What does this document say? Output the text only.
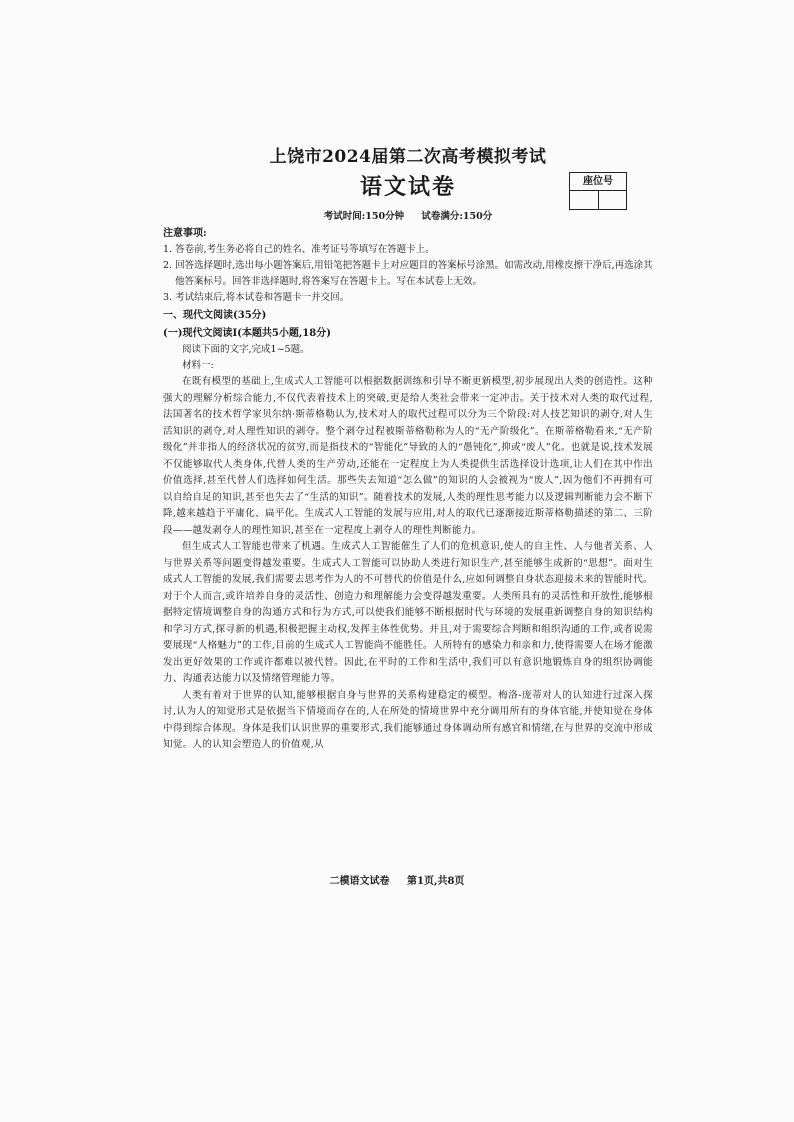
座位号
上饶市2024届第二次高考模拟考试
语文试卷
考试时间:150分钟 试卷满分:150分
注意事项:

1. 答卷前,考生务必将自己的姓名、准考证号等填写在答题卡上。

2. 回答选择题时,选出每小题答案后,用铅笔把答题卡上对应题目的答案标号涂黑。如需改动,用橡皮擦干净后,再选涂其他答案标号。回答非选择题时,将答案写在答题卡上。写在本试卷上无效。

3. 考试结束后,将本试卷和答题卡一并交回。

一、现代文阅读(35分)
(一)现代文阅读Ⅰ(本题共5小题,18分)

阅读下面的文字,完成1~5题。

材料一:

在既有模型的基础上,生成式人工智能可以根据数据训练和引导不断更新模型,初步展现出人类的创造性。这种强大的理解分析综合能力,不仅代表着技术上的突破,更是给人类社会带来一定冲击。关于技术对人类的取代过程,法国著名的技术哲学家贝尔纳·斯蒂格勒认为,技术对人的取代过程可以分为三个阶段:对人技艺知识的剥夺,对人生活知识的剥夺,对人理性知识的剥夺。整个剥夺过程被斯蒂格勒称为人的“无产阶级化”。在斯蒂格勒看来,“无产阶级化”并非指人的经济状况的贫穷,而是指技术的“智能化”导致的人的“愚钝化”,抑或“废人”化。也就是说,技术发展不仅能够取代人类身体,代替人类的生产劳动,还能在一定程度上为人类提供生活选择设计选项,让人们在其中作出价值选择,甚至代替人们选择如何生活。那些失去知道“怎么做”的知识的人会被视为“废人”,因为他们不再拥有可以自给自足的知识,甚至也失去了“生活的知识”。随着技术的发展,人类的理性思考能力以及逻辑判断能力会不断下降,越来越趋于平庸化、扁平化。生成式人工智能的发展与应用,对人的取代已逐渐接近斯蒂格勒描述的第二、三阶段——越发剥夺人的理性知识,甚至在一定程度上剥夺人的理性判断能力。

但生成式人工智能也带来了机遇。生成式人工智能催生了人们的危机意识,使人的自主性、人与他者关系、人与世界关系等问题变得越发重要。生成式人工智能可以协助人类进行知识生产,甚至能够生成新的“思想”。面对生成式人工智能的发展,我们需要去思考作为人的不可替代的价值是什么,应如何调整自身状态迎接未来的智能时代。对于个人而言,或许培养自身的灵活性、创造力和理解能力会变得越发重要。人类所具有的灵活性和开放性,能够根据特定情境调整自身的沟通方式和行为方式,可以使我们能够不断根据时代与环境的发展重新调整自身的知识结构和学习方式,探寻新的机遇,积极把握主动权,发挥主体性优势。并且,对于需要综合判断和组织沟通的工作,或者说需要展现“人格魅力”的工作,目前的生成式人工智能尚不能胜任。人所特有的感染力和亲和力,使得需要人在场才能激发出更好效果的工作或许都难以被代替。因此,在平时的工作和生活中,我们可以有意识地锻炼自身的组织协调能力、沟通表达能力以及情绪管理能力等。

人类有着对于世界的认知,能够根据自身与世界的关系构建稳定的模型。梅洛-庞蒂对人的认知进行过深入探讨,认为人的知觉形式是依据当下情境而存在的,人在所处的情境世界中充分调用所有的身体官能,并使知觉在身体中得到综合体现。身体是我们认识世界的重要形式,我们能够通过身体调动所有感官和情绪,在与世界的交流中形成知觉。人的认知会塑造人的价值观,从

二模语文试卷 第1页,共8页
